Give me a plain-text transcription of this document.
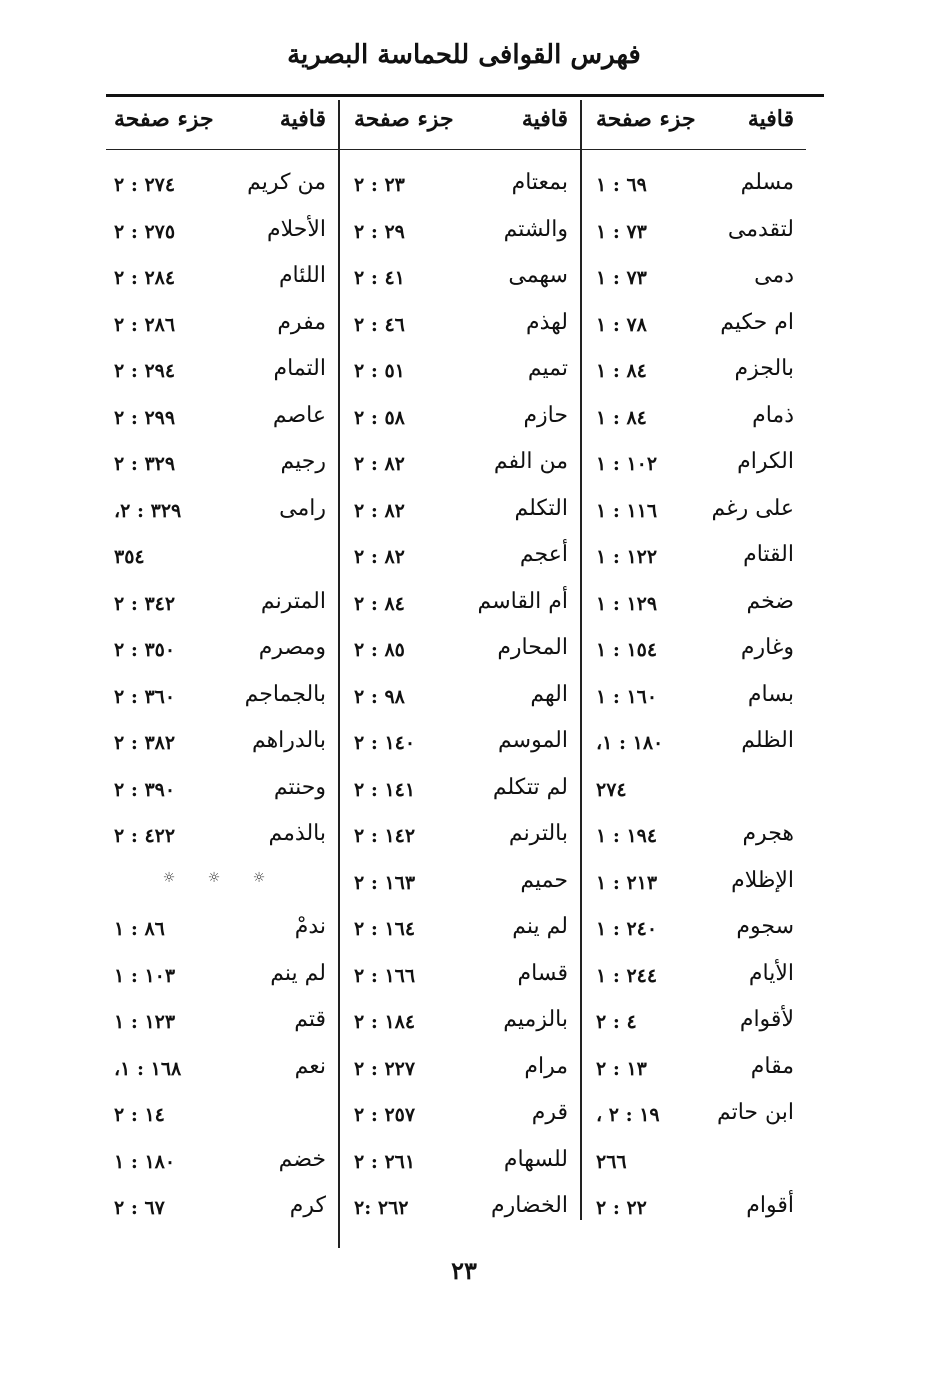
فهرس القوافى للحماسة البصرية
قافية
جزء صفحة
مسلم
٦٩ : ١
لتقدمى
٧٣ : ١
دمى
٧٣ : ١
ام حكيم
٧٨ : ١
بالجزم
٨٤ : ١
ذمام
٨٤ : ١
الكرام
١٠٢ : ١
على رغم
١١٦ : ١
القتام
١٢٢ : ١
ضخم
١٢٩ : ١
وغارم
١٥٤ : ١
بسام
١٦٠ : ١
الظلم
،١٨٠ : ١
٢٧٤
هجرم
١٩٤ : ١
الإظلام
٢١٣ : ١
سجوم
٢٤٠ : ١
الأيام
٢٤٤ : ١
لأقوام
٤ : ٢
مقام
١٣ : ٢
ابن حاتم
، ١٩ : ٢
٢٦٦
أقوام
٢٢ : ٢
قافية
جزء صفحة
بمعتام
٢٣ : ٢
والشتم
٢٩ : ٢
سهمى
٤١ : ٢
لهذم
٤٦ : ٢
تميم
٥١ : ٢
حازم
٥٨ : ٢
من الفم
٨٢ : ٢
التكلم
٨٢ : ٢
أعجم
٨٢ : ٢
أم القاسم
٨٤ : ٢
المحارم
٨٥ : ٢
الهم
٩٨ : ٢
الموسم
١٤٠ : ٢
لم تتكلم
١٤١ : ٢
بالترنم
١٤٢ : ٢
حميم
١٦٣ : ٢
لم ينم
١٦٤ : ٢
قسام
١٦٦ : ٢
بالزميم
١٨٤ : ٢
مرام
٢٢٧ : ٢
قرم
٢٥٧ : ٢
للسهام
٢٦١ : ٢
الخضارم
٢٦٢ :٢
قافية
جزء صفحة
من كريم
٢٧٤ : ٢
الأحلام
٢٧٥ : ٢
اللئام
٢٨٤ : ٢
مفرم
٢٨٦ : ٢
التمام
٢٩٤ : ٢
عاصم
٢٩٩ : ٢
رجيم
٣٢٩ : ٢
رامى
،٣٢٩ : ٢
٣٥٤
المترنم
٣٤٢ : ٢
ومصرم
٣٥٠ : ٢
بالجماجم
٣٦٠ : ٢
بالدراهم
٣٨٢ : ٢
وحنتم
٣٩٠ : ٢
بالذمم
٤٢٢ : ٢
☼ ☼ ☼
ندمْ
٨٦ : ١
لم ينم
١٠٣ : ١
قتم
١٢٣ : ١
نعم
،١٦٨ : ١
١٤ : ٢
خضم
١٨٠ : ١
كرم
٦٧ : ٢
٢٣
